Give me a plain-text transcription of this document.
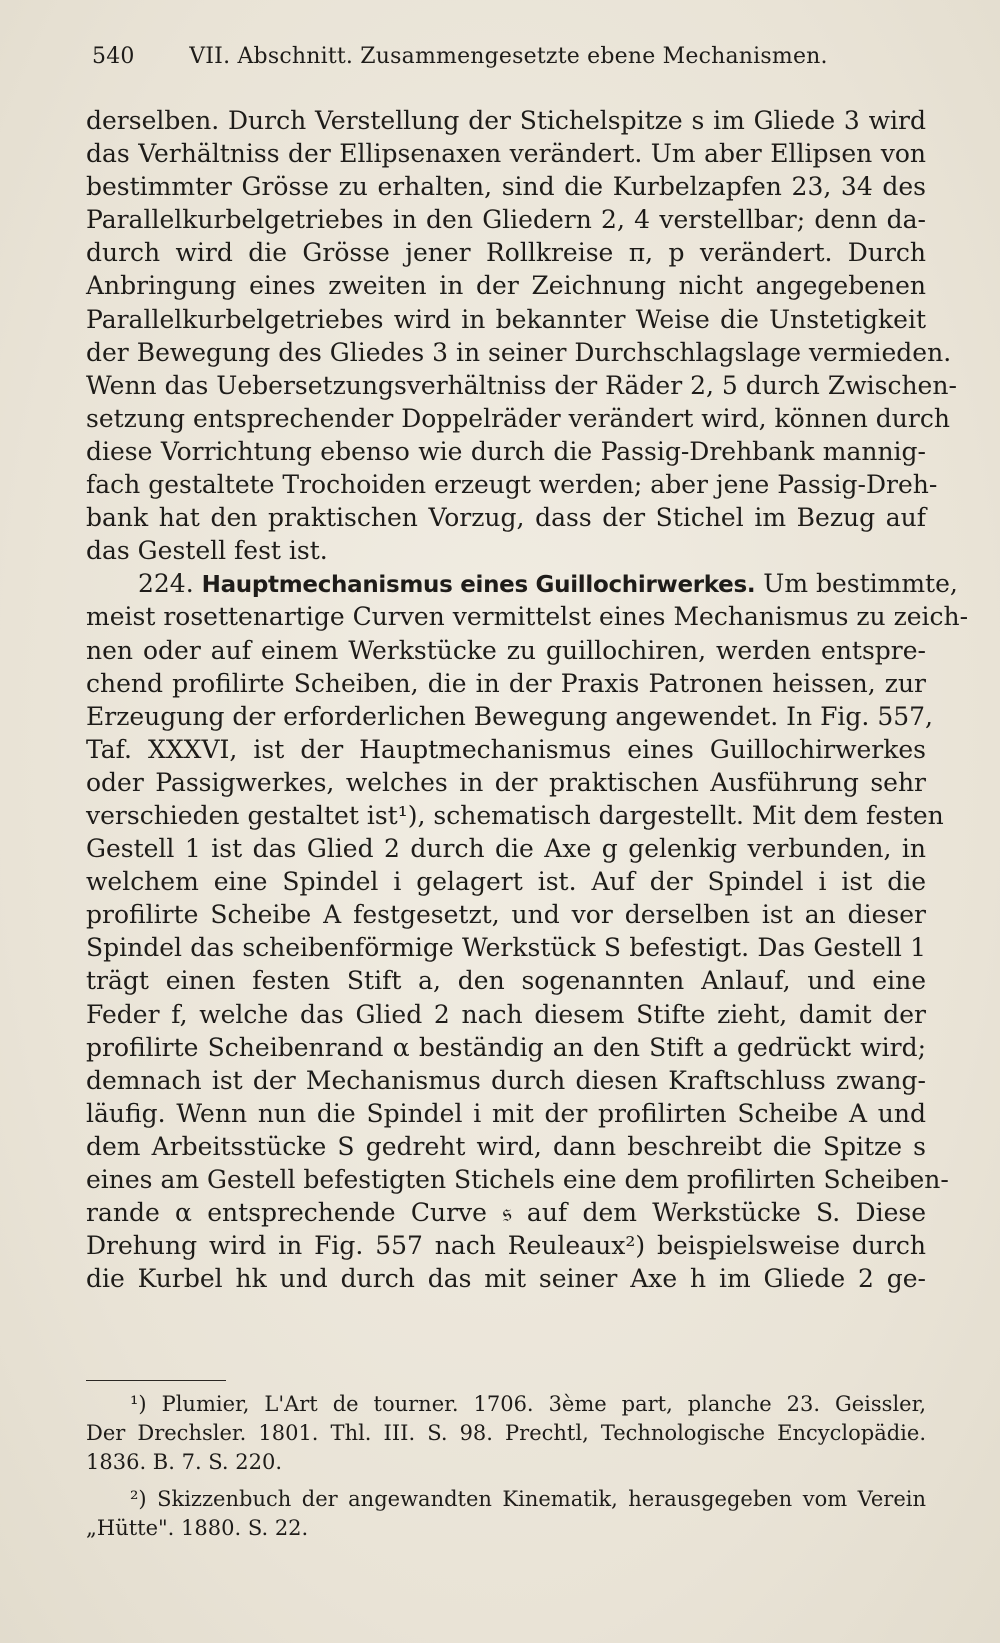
540 VII. Abschnitt. Zusammengesetzte ebene Mechanismen.
derselben. Durch Verstellung der Stichelspitze s im Gliede 3 wird
das Verhältniss der Ellipsenaxen verändert. Um aber Ellipsen von
bestimmter Grösse zu erhalten, sind die Kurbelzapfen 23, 34 des
Parallelkurbelgetriebes in den Gliedern 2, 4 verstellbar; denn da-
durch wird die Grösse jener Rollkreise π, p verändert. Durch
Anbringung eines zweiten in der Zeichnung nicht angegebenen
Parallelkurbelgetriebes wird in bekannter Weise die Unstetigkeit
der Bewegung des Gliedes 3 in seiner Durchschlagslage vermieden.
Wenn das Uebersetzungsverhältniss der Räder 2, 5 durch Zwischen-
setzung entsprechender Doppelräder verändert wird, können durch
diese Vorrichtung ebenso wie durch die Passig-Drehbank mannig-
fach gestaltete Trochoiden erzeugt werden; aber jene Passig-Dreh-
bank hat den praktischen Vorzug, dass der Stichel im Bezug auf
das Gestell fest ist.
224. Hauptmechanismus eines Guillochirwerkes. Um bestimmte,
meist rosettenartige Curven vermittelst eines Mechanismus zu zeich-
nen oder auf einem Werkstücke zu guillochiren, werden entspre-
chend profilirte Scheiben, die in der Praxis Patronen heissen, zur
Erzeugung der erforderlichen Bewegung angewendet. In Fig. 557,
Taf. XXXVI, ist der Hauptmechanismus eines Guillochirwerkes
oder Passigwerkes, welches in der praktischen Ausführung sehr
verschieden gestaltet ist¹), schematisch dargestellt. Mit dem festen
Gestell 1 ist das Glied 2 durch die Axe g gelenkig verbunden, in
welchem eine Spindel i gelagert ist. Auf der Spindel i ist die
profilirte Scheibe A festgesetzt, und vor derselben ist an dieser
Spindel das scheibenförmige Werkstück S befestigt. Das Gestell 1
trägt einen festen Stift a, den sogenannten Anlauf, und eine
Feder f, welche das Glied 2 nach diesem Stifte zieht, damit der
profilirte Scheibenrand α beständig an den Stift a gedrückt wird;
demnach ist der Mechanismus durch diesen Kraftschluss zwang-
läufig. Wenn nun die Spindel i mit der profilirten Scheibe A und
dem Arbeitsstücke S gedreht wird, dann beschreibt die Spitze s
eines am Gestell befestigten Stichels eine dem profilirten Scheiben-
rande α entsprechende Curve 𝔰 auf dem Werkstücke S. Diese
Drehung wird in Fig. 557 nach Reuleaux²) beispielsweise durch
die Kurbel hk und durch das mit seiner Axe h im Gliede 2 ge-
¹) Plumier, L'Art de tourner. 1706. 3ème part, planche 23. Geissler,
Der Drechsler. 1801. Thl. III. S. 98. Prechtl, Technologische Encyclopädie.
1836. B. 7. S. 220.
²) Skizzenbuch der angewandten Kinematik, herausgegeben vom Verein
„Hütte". 1880. S. 22.
